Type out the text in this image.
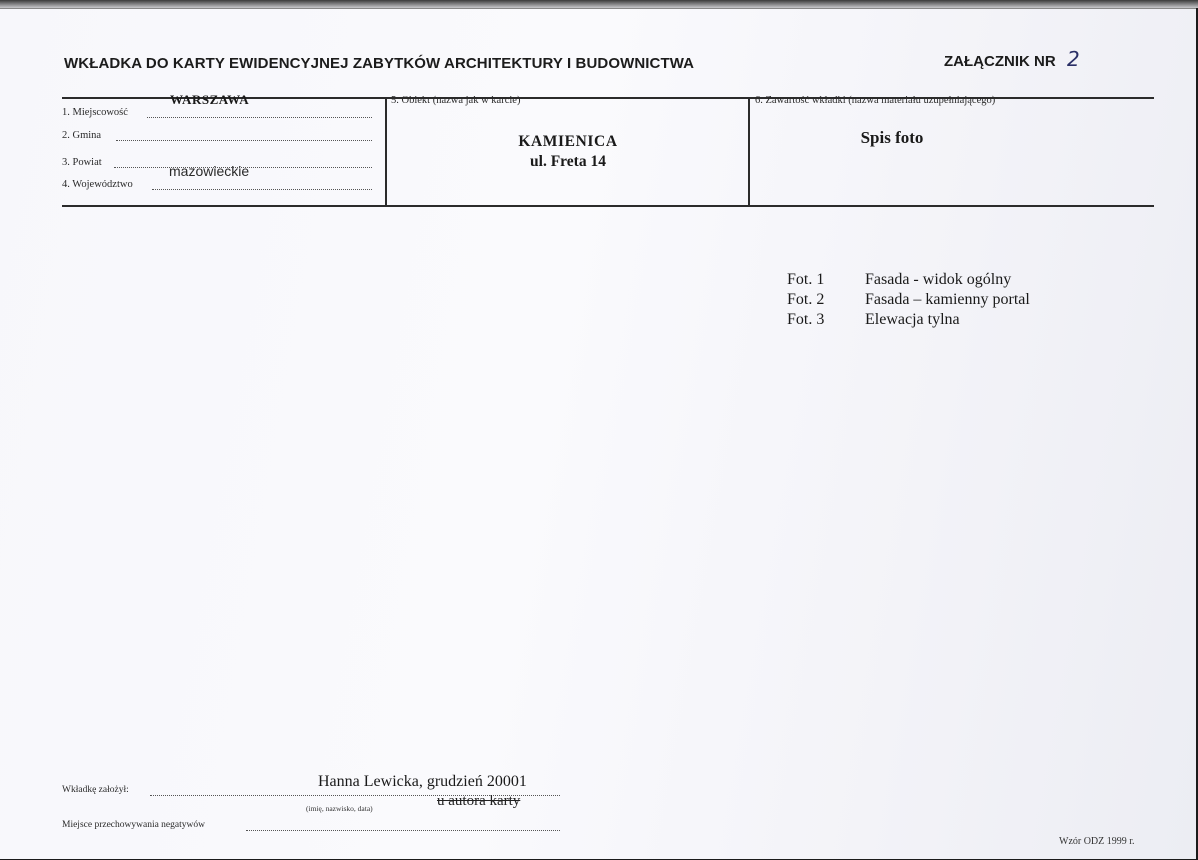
WKŁADKA DO KARTY EWIDENCYJNEJ ZABYTKÓW ARCHITEKTURY I BUDOWNICTWA	ZAŁĄCZNIK NR 2
WARSZAWA
1. Miejscowość
2. Gmina
3. Powiat
mazowieckie
4. Województwo
5. Obiekt (nazwa jak w karcie)
KAMIENICA
ul. Freta 14
6. Zawartość wkładki (nazwa materiału uzupełniającego)
Spis foto
Fot. 1	Fasada - widok ogólny
Fot. 2	Fasada – kamienny portal
Fot. 3	Elewacja tylna
Hanna Lewicka, grudzień 20001
Wkładkę założył:
(imię, nazwisko, data)	u autora karty
Miejsce przechowywania negatywów
Wzór ODZ 1999 r.
